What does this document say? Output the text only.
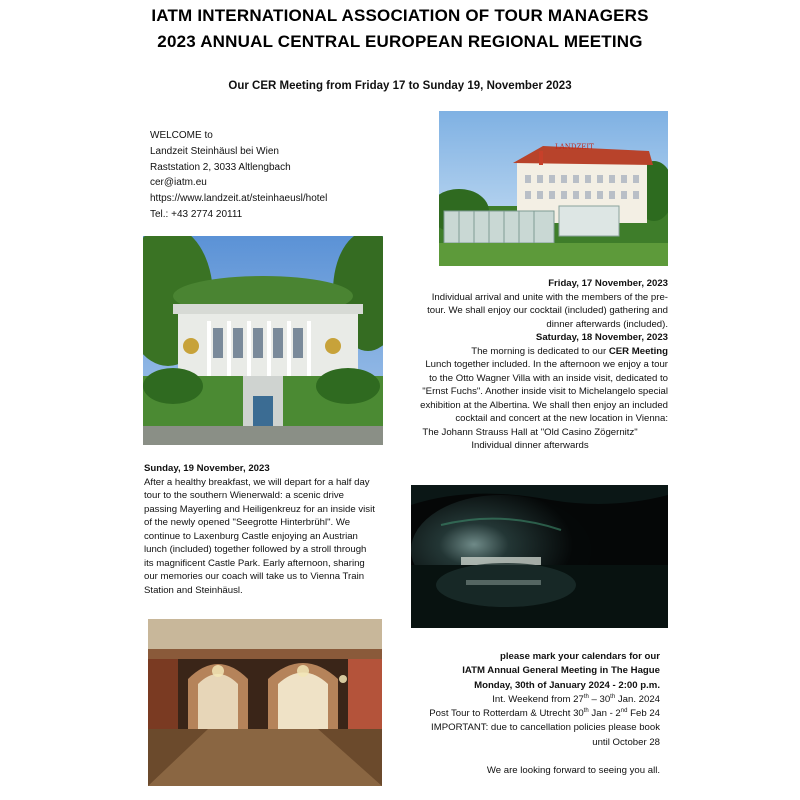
IATM INTERNATIONAL ASSOCIATION OF TOUR MANAGERS
2023 ANNUAL CENTRAL EUROPEAN REGIONAL MEETING
Our CER Meeting from Friday 17 to Sunday 19, November 2023
WELCOME to
Landzeit Steinhäusl bei Wien
Raststation 2, 3033 Altlengbach
cer@iatm.eu
https://www.landzeit.at/steinhaeusl/hotel
Tel.: +43 2774 20111
LANDZEIT
Friday, 17 November, 2023
Individual arrival and unite with the members of the pre-
tour. We shall enjoy our cocktail (included) gathering and
dinner afterwards (included).
Saturday, 18 November, 2023
The morning is dedicated to our CER Meeting
Lunch together included. In the afternoon we enjoy a tour
to the Otto Wagner Villa with an inside visit, dedicated to
"Ernst Fuchs". Another inside visit to Michelangelo special
exhibition at the Albertina. We shall then enjoy an included
cocktail and concert at the new location in Vienna:
The Johann Strauss Hall at "Old Casino Zögernitz"
Individual dinner afterwards
Sunday, 19 November, 2023
After a healthy breakfast, we will depart for a half day
tour to the southern Wienerwald: a scenic drive
passing Mayerling and Heiligenkreuz for an inside visit
of the newly opened "Seegrotte Hinterbrühl". We
continue to Laxenburg Castle enjoying an Austrian
lunch (included) together followed by a stroll through
its magnificent Castle Park. Early afternoon, sharing
our memories our coach will take us to Vienna Train
Station and Steinhäusl.
please mark your calendars for our
IATM Annual General Meeting in The Hague
Monday, 30th of January 2024 - 2:00 p.m.
Int. Weekend from 27th – 30th Jan. 2024
Post Tour to Rotterdam & Utrecht 30th Jan - 2nd Feb 24
IMPORTANT: due to cancellation policies please book
until October 28
We are looking forward to seeing you all.
